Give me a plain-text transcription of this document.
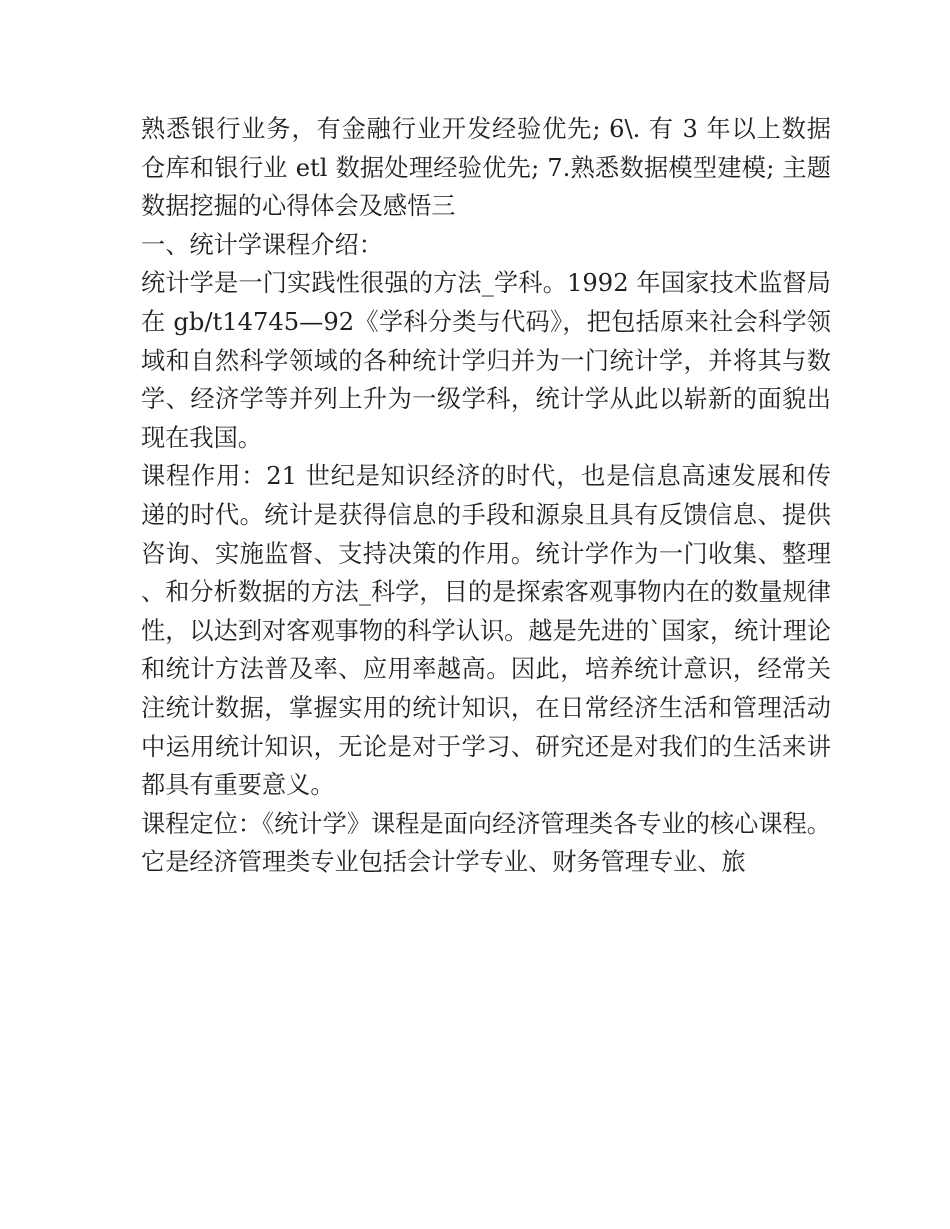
熟悉银行业务，有金融行业开发经验优先; 6\. 有 3 年以上数据仓库和银行业 etl 数据处理经验优先; 7.熟悉数据模型建模; 主题数据挖掘的心得体会及感悟三

一、统计学课程介绍：

统计学是一门实践性很强的方法_学科。1992 年国家技术监督局在 gb/t14745—92《学科分类与代码》，把包括原来社会科学领域和自然科学领域的各种统计学归并为一门统计学，并将其与数学、经济学等并列上升为一级学科，统计学从此以崭新的面貌出现在我国。

课程作用：21 世纪是知识经济的时代，也是信息高速发展和传递的时代。统计是获得信息的手段和源泉且具有反馈信息、提供咨询、实施监督、支持决策的作用。统计学作为一门收集、整理、和分析数据的方法_科学，目的是探索客观事物内在的数量规律性，以达到对客观事物的科学认识。越是先进的`国家，统计理论和统计方法普及率、应用率越高。因此，培养统计意识，经常关注统计数据，掌握实用的统计知识，在日常经济生活和管理活动中运用统计知识，无论是对于学习、研究还是对我们的生活来讲都具有重要意义。

课程定位：《统计学》课程是面向经济管理类各专业的核心课程。它是经济管理类专业包括会计学专业、财务管理专业、旅
